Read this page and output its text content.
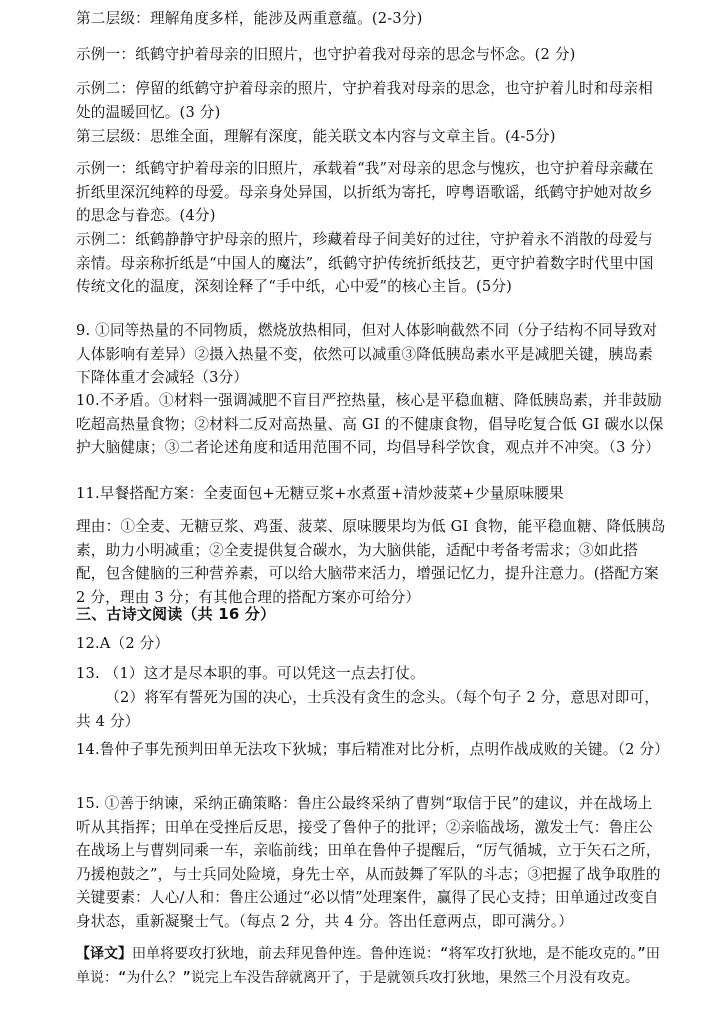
第二层级：理解角度多样，能涉及两重意蕴。(2-3分)

示例一：纸鹤守护着母亲的旧照片，也守护着我对母亲的思念与怀念。(2 分)

示例二：停留的纸鹤守护着母亲的照片，守护着我对母亲的思念，也守护着儿时和母亲相处的温暖回忆。(3 分)

第三层级：思维全面，理解有深度，能关联文本内容与文章主旨。(4-5分)

示例一：纸鹤守护着母亲的旧照片，承载着“我”对母亲的思念与愧疚，也守护着母亲藏在折纸里深沉纯粹的母爱。母亲身处异国，以折纸为寄托，哼粤语歌谣，纸鹤守护她对故乡的思念与眷恋。(4分)

示例二：纸鹤静静守护母亲的照片，珍藏着母子间美好的过往，守护着永不消散的母爱与亲情。母亲称折纸是“中国人的魔法”，纸鹤守护传统折纸技艺，更守护着数字时代里中国传统文化的温度，深刻诠释了“手中纸，心中爱”的核心主旨。(5分)

9. ①同等热量的不同物质，燃烧放热相同，但对人体影响截然不同（分子结构不同导致对人体影响有差异）②摄入热量不变，依然可以减重③降低胰岛素水平是减肥关键，胰岛素下降体重才会减轻（3分）

10.不矛盾。①材料一强调减肥不盲目严控热量，核心是平稳血糖、降低胰岛素，并非鼓励吃超高热量食物；②材料二反对高热量、高 GI 的不健康食物，倡导吃复合低 GI 碳水以保护大脑健康；③二者论述角度和适用范围不同，均倡导科学饮食，观点并不冲突。（3 分）

11.早餐搭配方案：全麦面包+无糖豆浆+水煮蛋+清炒菠菜+少量原味腰果

理由：①全麦、无糖豆浆、鸡蛋、菠菜、原味腰果均为低 GI 食物，能平稳血糖、降低胰岛素，助力小明减重；②全麦提供复合碳水，为大脑供能，适配中考备考需求；③如此搭配，包含健脑的三种营养素，可以给大脑带来活力，增强记忆力，提升注意力。(搭配方案 2 分，理由 3 分；有其他合理的搭配方案亦可给分）

三、古诗文阅读（共 16 分）

12.A（2 分）

13. （1）这才是尽本职的事。可以凭这一点去打仗。

（2）将军有誓死为国的决心，士兵没有贪生的念头。（每个句子 2 分，意思对即可，共 4 分）

14.鲁仲子事先预判田单无法攻下狄城；事后精准对比分析，点明作战成败的关键。（2 分）

15. ①善于纳谏，采纳正确策略：鲁庄公最终采纳了曹刿“取信于民”的建议，并在战场上听从其指挥；田单在受挫后反思，接受了鲁仲子的批评；②亲临战场，激发士气：鲁庄公在战场上与曹刿同乘一车，亲临前线；田单在鲁仲子提醒后，“厉气循城，立于矢石之所，乃援枹鼓之”，与士兵同处险境，身先士卒，从而鼓舞了军队的斗志；③把握了战争取胜的关键要素：人心/人和：鲁庄公通过“必以情”处理案件，赢得了民心支持；田单通过改变自身状态，重新凝聚士气。（每点 2 分，共 4 分。答出任意两点，即可满分。）

【译文】田单将要攻打狄地，前去拜见鲁仲连。鲁仲连说：“将军攻打狄地，是不能攻克的。”田单说：“为什么？”说完上车没告辞就离开了，于是就领兵攻打狄地，果然三个月没有攻克。
